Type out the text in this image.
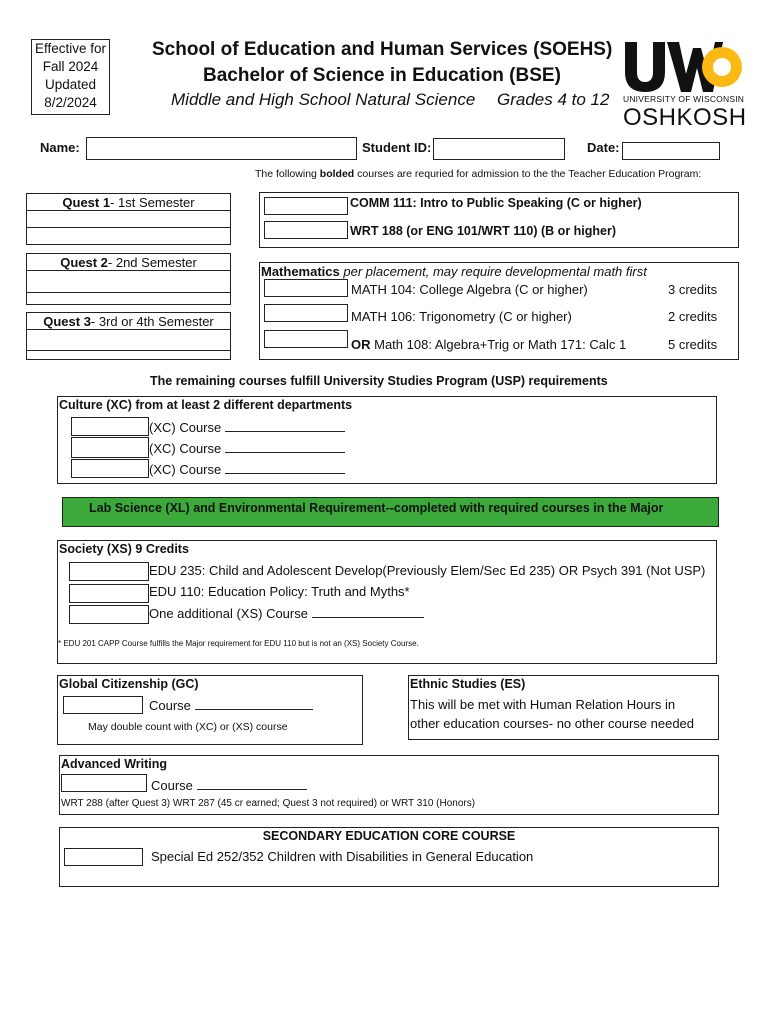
Effective for
Fall 2024
Updated
8/2/2024
School of Education and Human Services (SOEHS)
Bachelor of Science in Education (BSE)
Middle and High School Natural Science Grades 4 to 12 UNIVERSITY OF WISCONSIN
OSHKOSH
Name:	Student ID:	Date:
The following bolded courses are requried for admission to the the Teacher Education Program:
Quest 1- 1st Semester
Quest 2- 2nd Semester
Quest 3- 3rd or 4th Semester
COMM 111: Intro to Public Speaking (C or higher)
WRT 188 (or ENG 101/WRT 110) (B or higher)
Mathematics per placement, may require developmental math first
MATH 104: College Algebra (C or higher)	3 credits
MATH 106: Trigonometry (C or higher)	2 credits
OR Math 108: Algebra+Trig or Math 171: Calc 1	5 credits
The remaining courses fulfill University Studies Program (USP) requirements
Culture (XC) from at least 2 different departments
(XC) Course
(XC) Course
(XC) Course
Lab Science (XL) and Environmental Requirement--completed with required courses in the Major
Society (XS) 9 Credits
EDU 235: Child and Adolescent Develop(Previously Elem/Sec Ed 235) OR Psych 391 (Not USP)
EDU 110: Education Policy: Truth and Myths*
One additional (XS) Course
* EDU 201 CAPP Course fulfills the Major requirement for EDU 110 but is not an (XS) Society Course.
Global Citizenship (GC)
Course
May double count with (XC) or (XS) course
Ethnic Studies (ES)
This will be met with Human Relation Hours in
other education courses- no other course needed
Advanced Writing
Course
WRT 288 (after Quest 3) WRT 287 (45 cr earned; Quest 3 not required) or WRT 310 (Honors)
SECONDARY EDUCATION CORE COURSE
Special Ed 252/352 Children with Disabilities in General Education
